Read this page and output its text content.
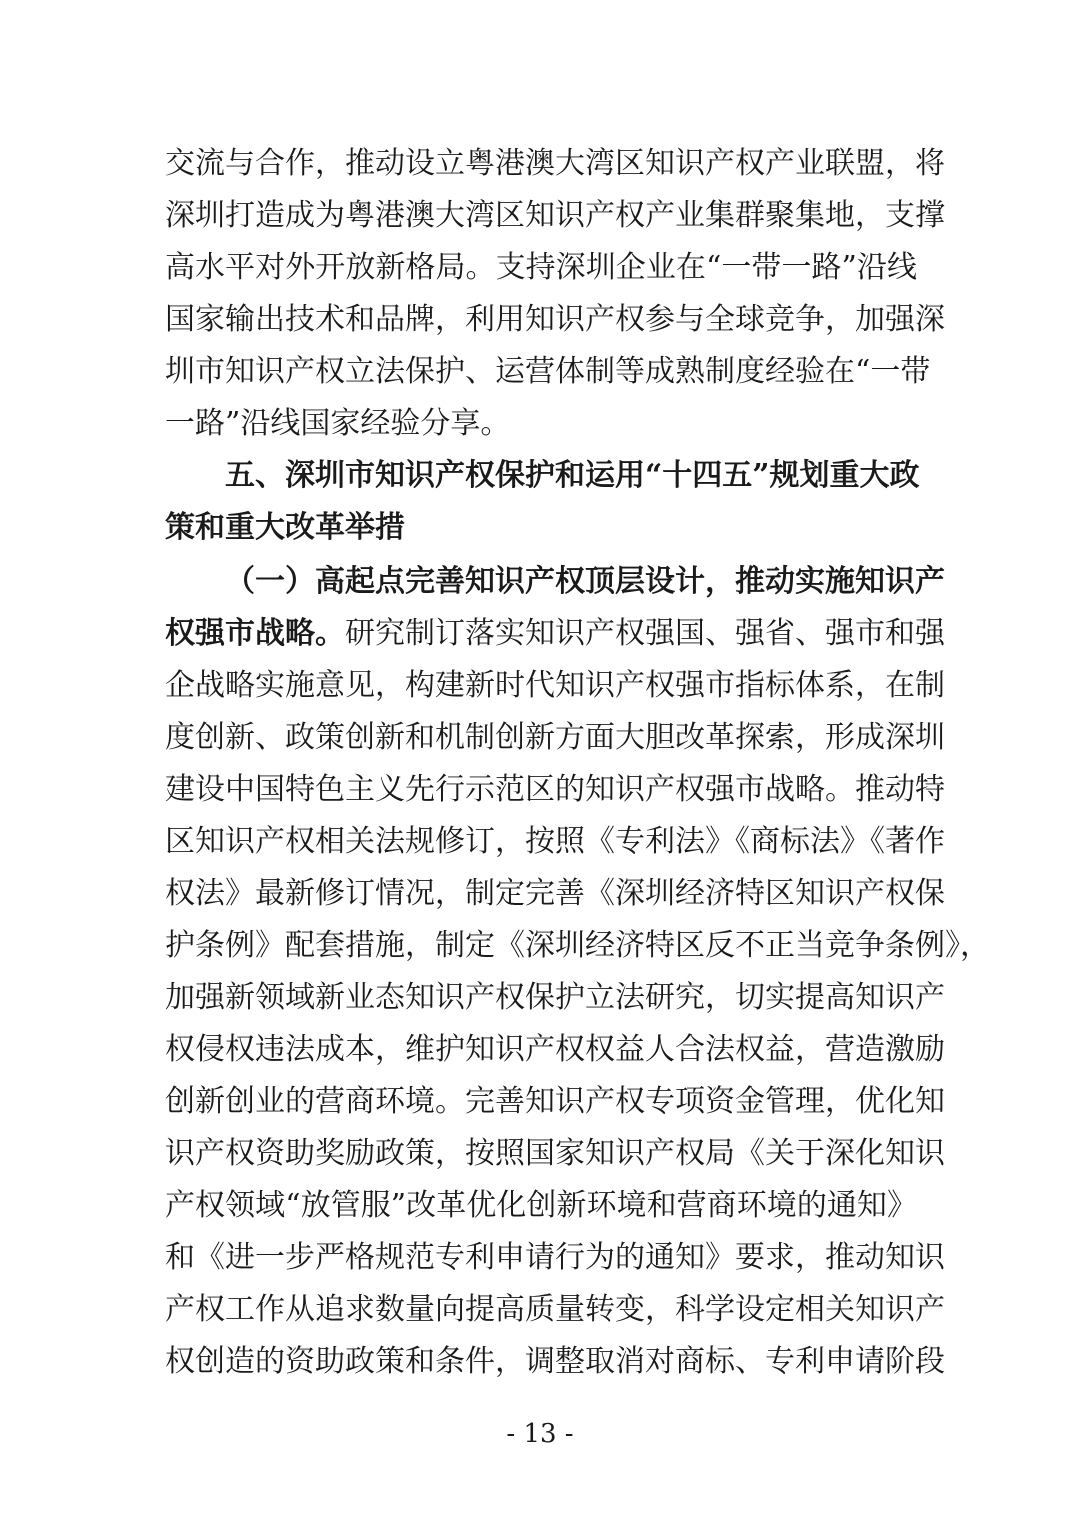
交流与合作，推动设立粤港澳大湾区知识产权产业联盟，将
深圳打造成为粤港澳大湾区知识产权产业集群聚集地，支撑
高水平对外开放新格局。支持深圳企业在“一带一路”沿线
国家输出技术和品牌，利用知识产权参与全球竞争，加强深
圳市知识产权立法保护、运营体制等成熟制度经验在“一带
一路”沿线国家经验分享。
五、深圳市知识产权保护和运用“十四五”规划重大政
策和重大改革举措
（一）高起点完善知识产权顶层设计，推动实施知识产
权强市战略。研究制订落实知识产权强国、强省、强市和强
企战略实施意见，构建新时代知识产权强市指标体系，在制
度创新、政策创新和机制创新方面大胆改革探索，形成深圳
建设中国特色主义先行示范区的知识产权强市战略。推动特
区知识产权相关法规修订，按照《专利法》《商标法》《著作
权法》最新修订情况，制定完善《深圳经济特区知识产权保
护条例》配套措施，制定《深圳经济特区反不正当竞争条例》，
加强新领域新业态知识产权保护立法研究，切实提高知识产
权侵权违法成本，维护知识产权权益人合法权益，营造激励
创新创业的营商环境。完善知识产权专项资金管理，优化知
识产权资助奖励政策，按照国家知识产权局《关于深化知识
产权领域“放管服”改革优化创新环境和营商环境的通知》
和《进一步严格规范专利申请行为的通知》要求，推动知识
产权工作从追求数量向提高质量转变，科学设定相关知识产
权创造的资助政策和条件，调整取消对商标、专利申请阶段
- 13 -
